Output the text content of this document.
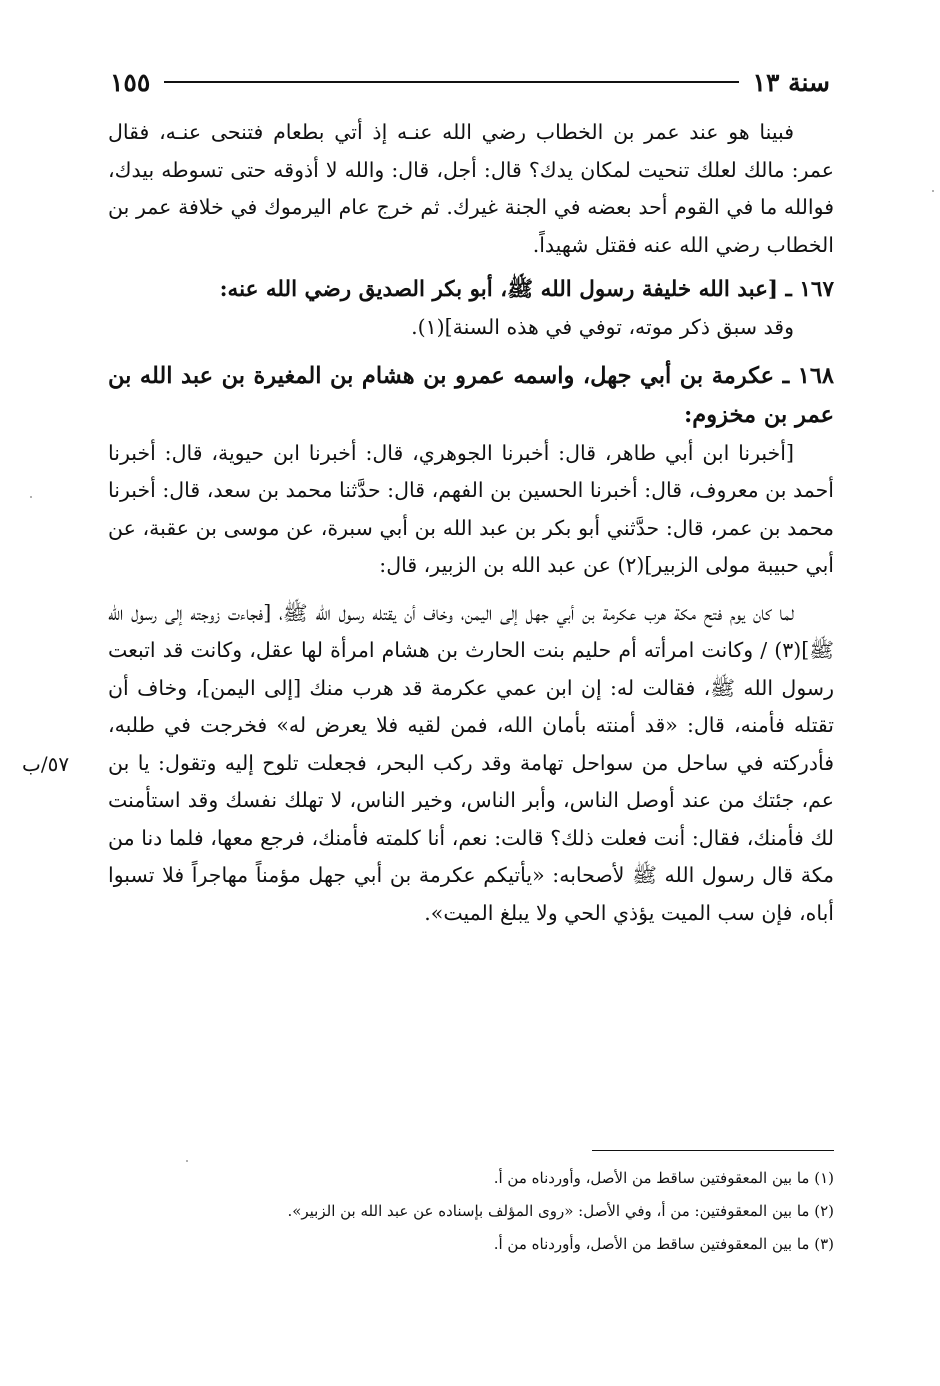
سنة ١٣
١٥٥

فبينا هو عند عمر بن الخطاب رضي الله عنـه إذ أتي بطعام فتنحى عنـه، فقال عمر: مالك لعلك تنحيت لمكان يدك؟ قال: أجل، قال: والله لا أذوقه حتى تسوطه بيدك، فوالله ما في القوم أحد بعضه في الجنة غيرك. ثم خرج عام اليرموك في خلافة عمر بن الخطاب رضي الله عنه فقتل شهيداً.

١٦٧ ـ [عبد الله خليفة رسول الله ﷺ، أبو بكر الصديق رضي الله عنه:

وقد سبق ذكر موته، توفي في هذه السنة](١).

١٦٨ ـ عكرمة بن أبي جهل، واسمه عمرو بن هشام بن المغيرة بن عبد الله بن عمر بن مخزوم:

[أخبرنا ابن أبي طاهر، قال: أخبرنا الجوهري، قال: أخبرنا ابن حيوية، قال: أخبرنا أحمد بن معروف، قال: أخبرنا الحسين بن الفهم، قال: حدَّثنا محمد بن سعد، قال: أخبرنا محمد بن عمر، قال: حدَّثني أبو بكر بن عبد الله بن أبي سبرة، عن موسى بن عقبة، عن أبي حبيبة مولى الزبير](٢) عن عبد الله بن الزبير، قال:

لما كان يوم فتح مكة هرب عكرمة بن أبي جهل إلى اليمن، وخاف أن يقتله رسول الله ﷺ، [فجاءت زوجته إلى رسول الله ﷺ](٣) / وكانت امرأته أم حليم بنت الحارث بن هشام امرأة لها عقل، وكانت قد اتبعت رسول الله ﷺ، فقالت له: إن ابن عمي عكرمة قد هرب منك [إلى اليمن]، وخاف أن تقتله فأمنه، قال: «قد أمنته بأمان الله، فمن لقيه فلا يعرض له» فخرجت في طلبه، فأدركته في ساحل من سواحل تهامة وقد ركب البحر، فجعلت تلوح إليه وتقول: يا بن عم، جئتك من عند أوصل الناس، وأبر الناس، وخير الناس، لا تهلك نفسك وقد استأمنت لك فأمنك، فقال: أنت فعلت ذلك؟ قالت: نعم، أنا كلمته فأمنك، فرجع معها، فلما دنا من مكة قال رسول الله ﷺ لأصحابه: «يأتيكم عكرمة بن أبي جهل مؤمناً مهاجراً فلا تسبوا أباه، فإن سب الميت يؤذي الحي ولا يبلغ الميت».

٥٧/ب

(١) ما بين المعقوفتين ساقط من الأصل، وأوردناه من أ.

(٢) ما بين المعقوفتين: من أ، وفي الأصل: «روى المؤلف بإسناده عن عبد الله بن الزبير».

(٣) ما بين المعقوفتين ساقط من الأصل، وأوردناه من أ.
